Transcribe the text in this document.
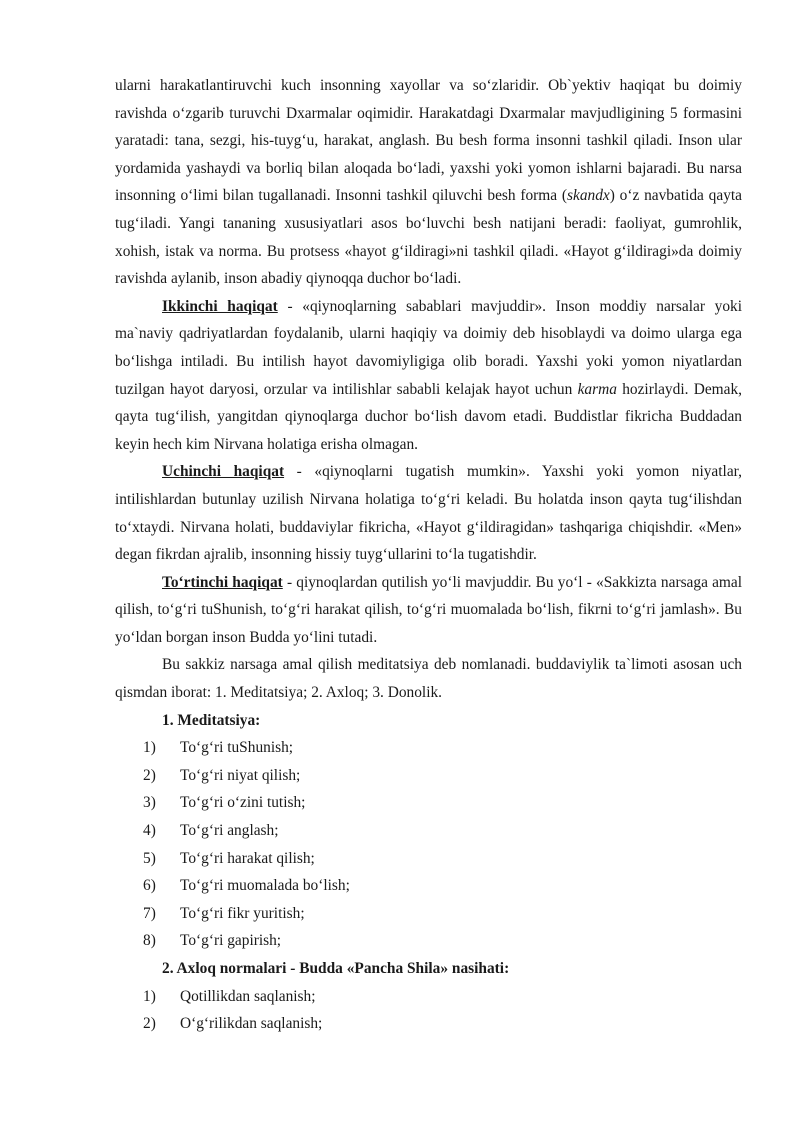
ularni harakatlantiruvchi kuch insonning xayollar va so‘zlaridir. Ob`yektiv haqiqat bu doimiy ravishda o‘zgarib turuvchi Dxarmalar oqimidir. Harakatdagi Dxarmalar mavjudligining 5 formasini yaratadi: tana, sezgi, his-tuyg‘u, harakat, anglash. Bu besh forma insonni tashkil qiladi. Inson ular yordamida yashaydi va borliq bilan aloqada bo‘ladi, yaxshi yoki yomon ishlarni bajaradi. Bu narsa insonning o‘limi bilan tugallanadi. Insonni tashkil qiluvchi besh forma (skandx) o‘z navbatida qayta tug‘iladi. Yangi tananing xususiyatlari asos bo‘luvchi besh natijani beradi: faoliyat, gumrohlik, xohish, istak va norma. Bu protsess «hayot g‘ildiragi»ni tashkil qiladi. «Hayot g‘ildiragi»da doimiy ravishda aylanib, inson abadiy qiynoqqa duchor bo‘ladi.

Ikkinchi haqiqat - «qiynoqlarning sabablari mavjuddir». Inson moddiy narsalar yoki ma`naviy qadriyatlardan foydalanib, ularni haqiqiy va doimiy deb hisoblaydi va doimo ularga ega bo‘lishga intiladi. Bu intilish hayot davomiyligiga olib boradi. Yaxshi yoki yomon niyatlardan tuzilgan hayot daryosi, orzular va intilishlar sababli kelajak hayot uchun karma hozirlaydi. Demak, qayta tug‘ilish, yangitdan qiynoqlarga duchor bo‘lish davom etadi. Buddistlar fikricha Buddadan keyin hech kim Nirvana holatiga erisha olmagan.

Uchinchi haqiqat - «qiynoqlarni tugatish mumkin». Yaxshi yoki yomon niyatlar, intilishlardan butunlay uzilish Nirvana holatiga to‘g‘ri keladi. Bu holatda inson qayta tug‘ilishdan to‘xtaydi. Nirvana holati, buddaviylar fikricha, «Hayot g‘ildiragidan» tashqariga chiqishdir. «Men» degan fikrdan ajralib, insonning hissiy tuyg‘ullarini to‘la tugatishdir.

To‘rtinchi haqiqat - qiynoqlardan qutilish yo‘li mavjuddir. Bu yo‘l - «Sakkizta narsaga amal qilish, to‘g‘ri tuShunish, to‘g‘ri harakat qilish, to‘g‘ri muomalada bo‘lish, fikrni to‘g‘ri jamlash». Bu yo‘ldan borgan inson Budda yo‘lini tutadi.

Bu sakkiz narsaga amal qilish meditatsiya deb nomlanadi. buddaviylik ta`limoti asosan uch qismdan iborat: 1. Meditatsiya; 2. Axloq; 3. Donolik.

1. Meditatsiya:

1)	To‘g‘ri tuShunish;

2)	To‘g‘ri niyat qilish;

3)	To‘g‘ri o‘zini tutish;

4)	To‘g‘ri anglash;

5)	To‘g‘ri harakat qilish;

6)	To‘g‘ri muomalada bo‘lish;

7)	To‘g‘ri fikr yuritish;

8)	To‘g‘ri gapirish;

2. Axloq normalari - Budda «Pancha Shila» nasihati:

1)	Qotillikdan saqlanish;

2)	O‘g‘rilikdan saqlanish;
